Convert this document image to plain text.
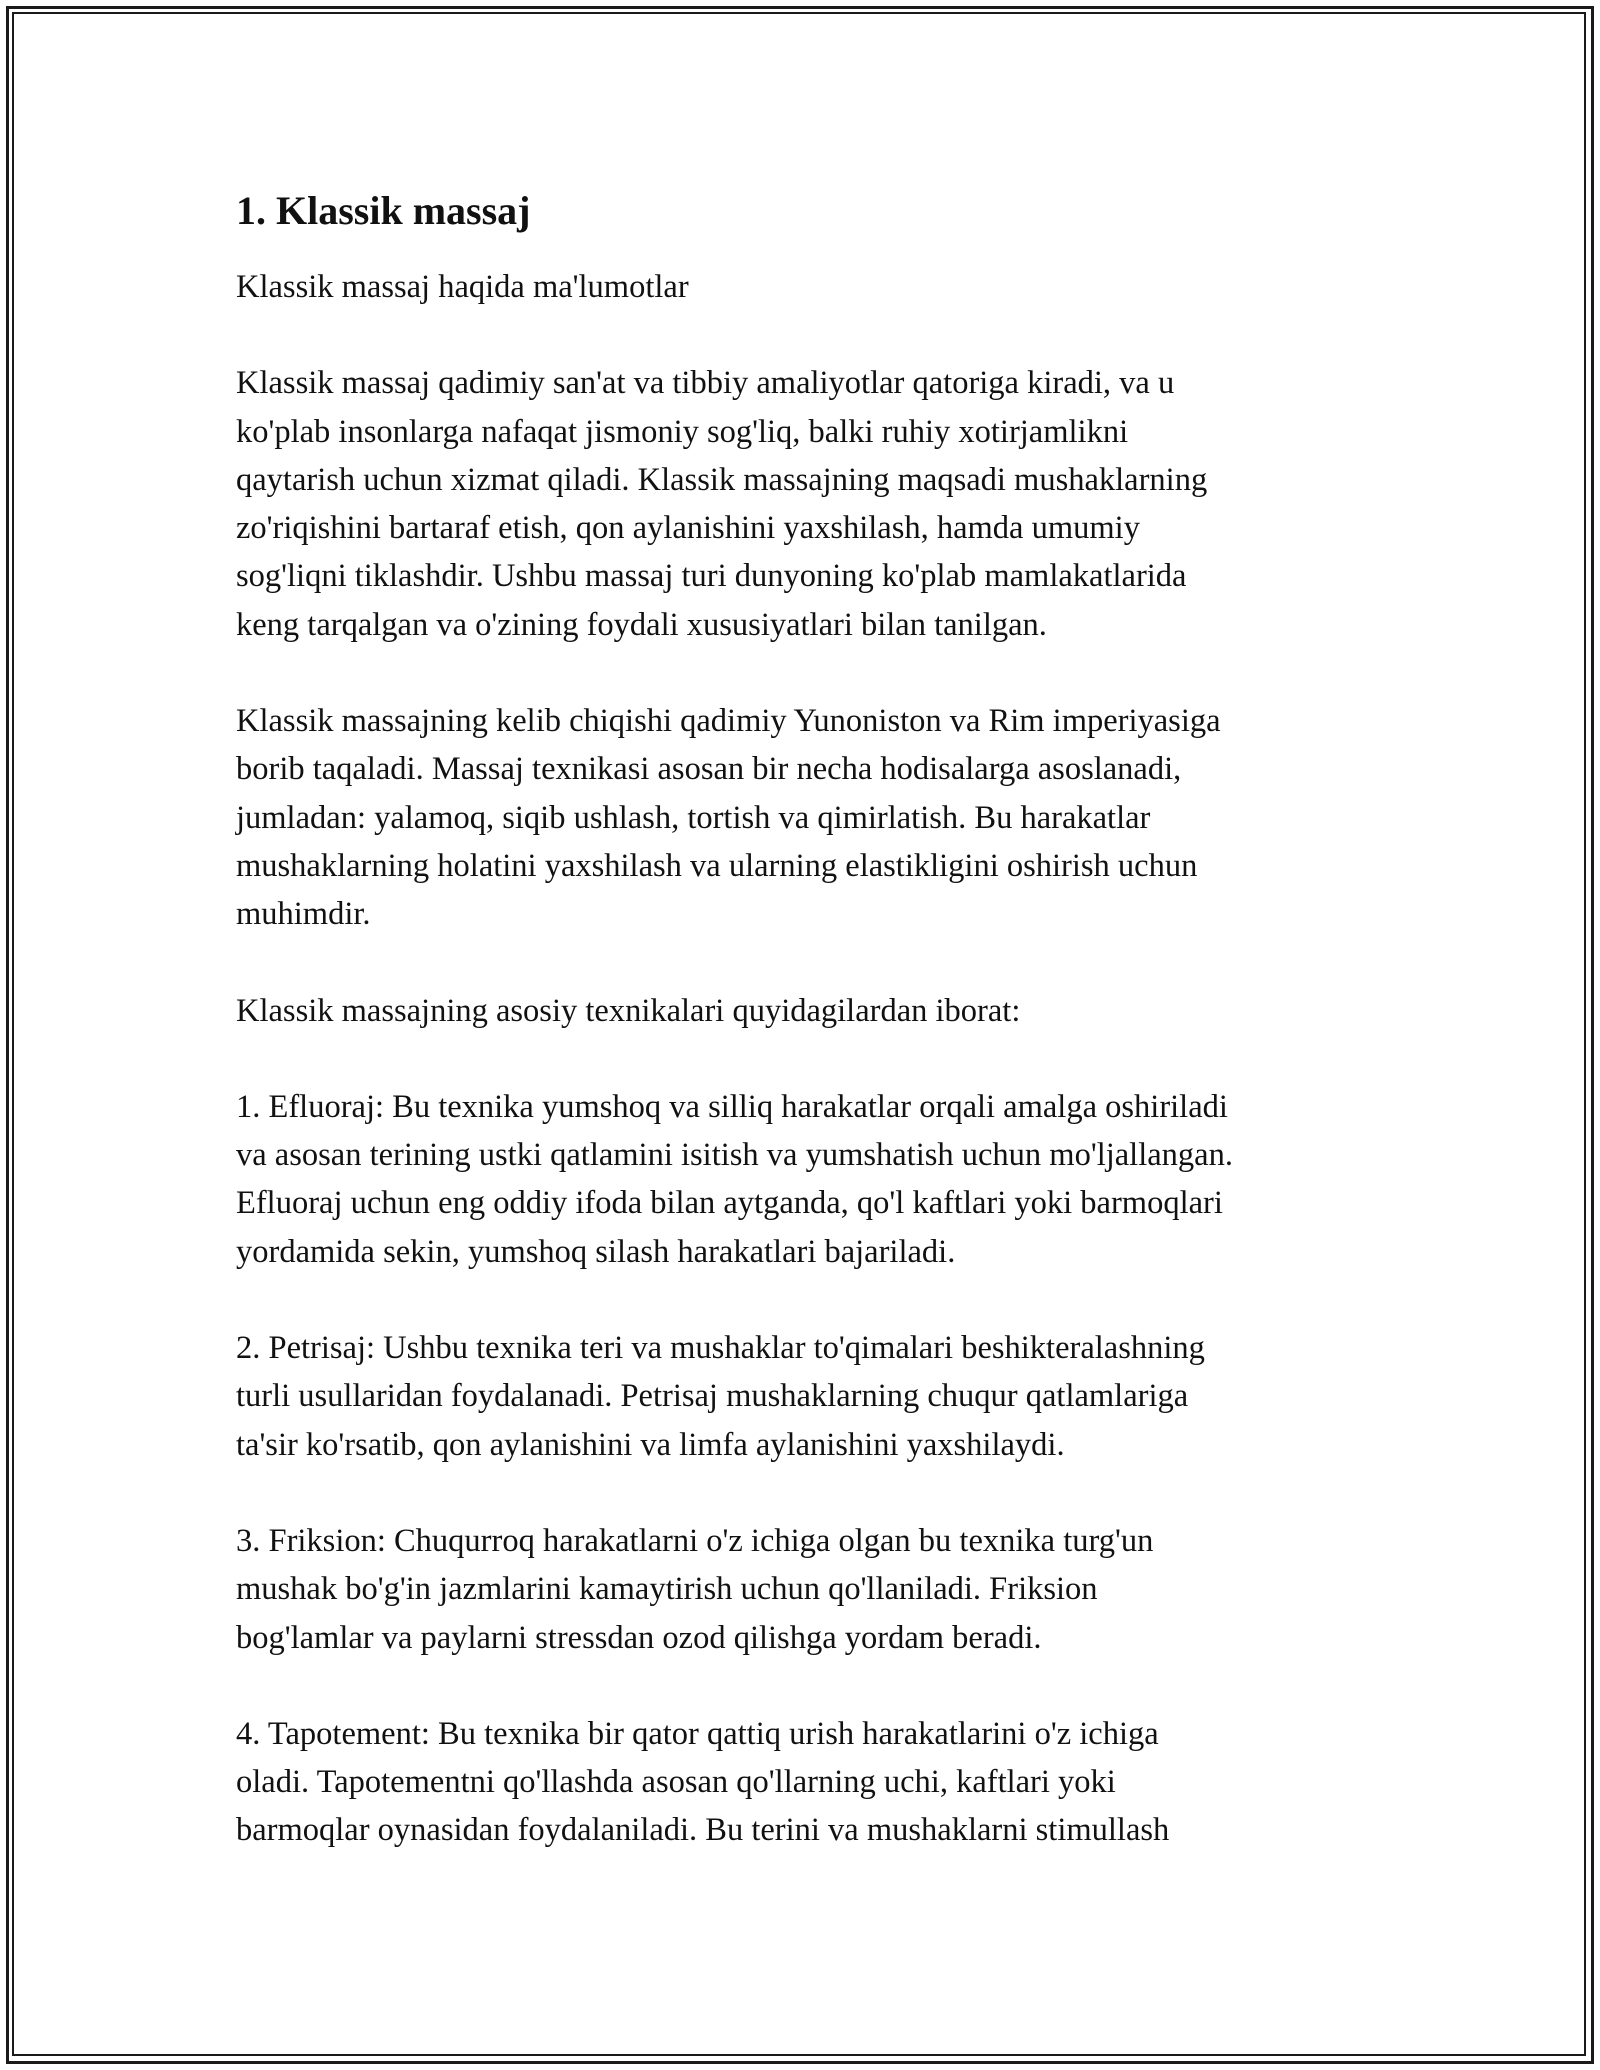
1. Klassik massaj

Klassik massaj haqida ma'lumotlar

Klassik massaj qadimiy san'at va tibbiy amaliyotlar qatoriga kiradi, va u
ko'plab insonlarga nafaqat jismoniy sog'liq, balki ruhiy xotirjamlikni
qaytarish uchun xizmat qiladi. Klassik massajning maqsadi mushaklarning
zo'riqishini bartaraf etish, qon aylanishini yaxshilash, hamda umumiy
sog'liqni tiklashdir. Ushbu massaj turi dunyoning ko'plab mamlakatlarida
keng tarqalgan va o'zining foydali xususiyatlari bilan tanilgan.

Klassik massajning kelib chiqishi qadimiy Yunoniston va Rim imperiyasiga
borib taqaladi. Massaj texnikasi asosan bir necha hodisalarga asoslanadi,
jumladan: yalamoq, siqib ushlash, tortish va qimirlatish. Bu harakatlar
mushaklarning holatini yaxshilash va ularning elastikligini oshirish uchun
muhimdir.

Klassik massajning asosiy texnikalari quyidagilardan iborat:

1. Efluoraj: Bu texnika yumshoq va silliq harakatlar orqali amalga oshiriladi
va asosan terining ustki qatlamini isitish va yumshatish uchun mo'ljallangan.
Efluoraj uchun eng oddiy ifoda bilan aytganda, qo'l kaftlari yoki barmoqlari
yordamida sekin, yumshoq silash harakatlari bajariladi.

2. Petrisaj: Ushbu texnika teri va mushaklar to'qimalari beshikteralashning
turli usullaridan foydalanadi. Petrisaj mushaklarning chuqur qatlamlariga
ta'sir ko'rsatib, qon aylanishini va limfa aylanishini yaxshilaydi.

3. Friksion: Chuqurroq harakatlarni o'z ichiga olgan bu texnika turg'un
mushak bo'g'in jazmlarini kamaytirish uchun qo'llaniladi. Friksion
bog'lamlar va paylarni stressdan ozod qilishga yordam beradi.

4. Tapotement: Bu texnika bir qator qattiq urish harakatlarini o'z ichiga
oladi. Tapotementni qo'llashda asosan qo'llarning uchi, kaftlari yoki
barmoqlar oynasidan foydalaniladi. Bu terini va mushaklarni stimullash
